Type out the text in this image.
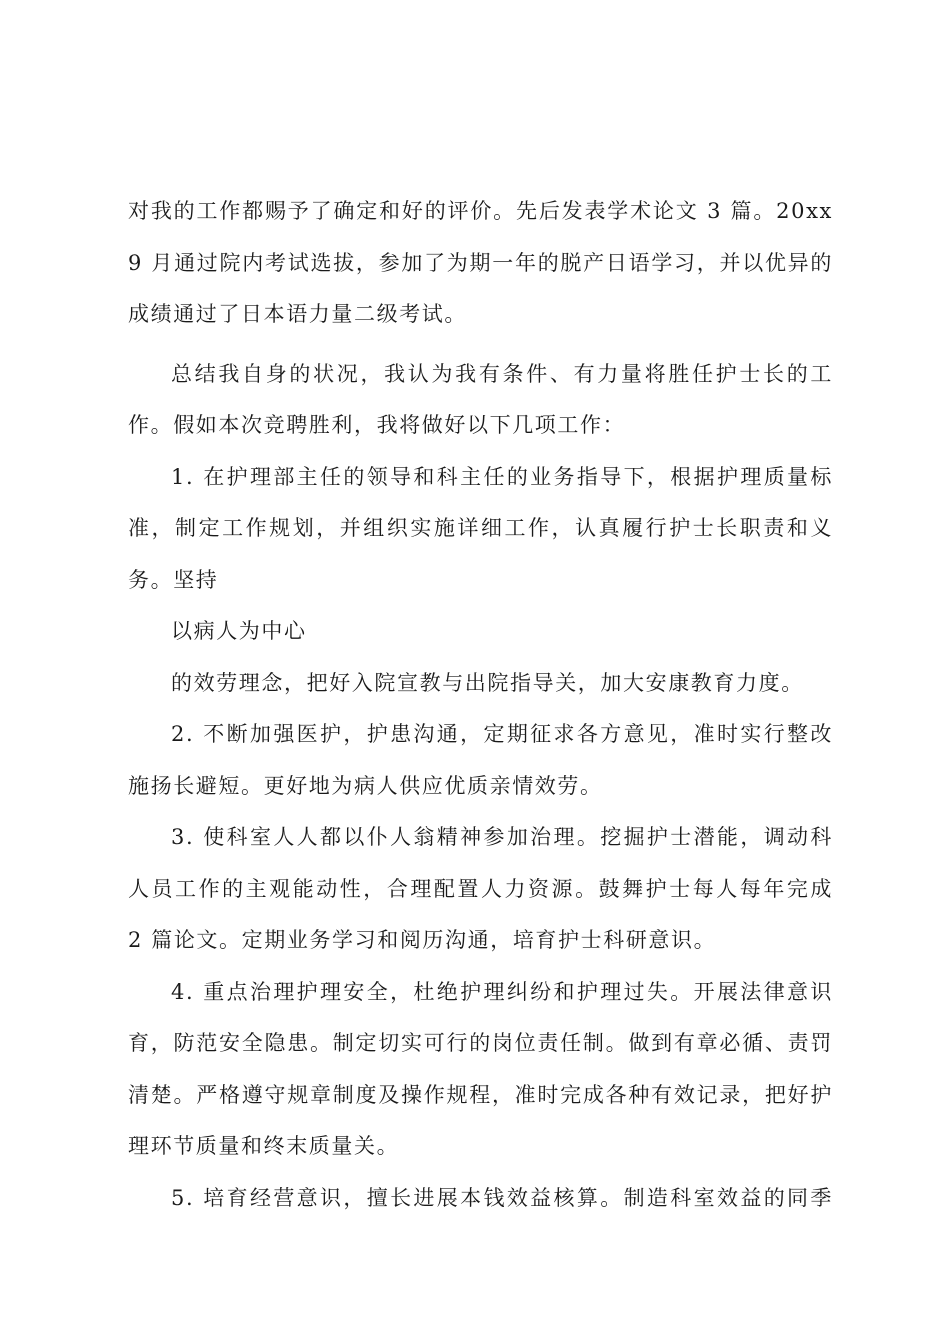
对我的工作都赐予了确定和好的评价。先后发表学术论文 3 篇。20xx
9 月通过院内考试选拔，参加了为期一年的脱产日语学习，并以优异的
成绩通过了日本语力量二级考试。
总结我自身的状况，我认为我有条件、有力量将胜任护士长的工
作。假如本次竞聘胜利，我将做好以下几项工作：
1. 在护理部主任的领导和科主任的业务指导下，根据护理质量标
准，制定工作规划，并组织实施详细工作，认真履行护士长职责和义
务。坚持
以病人为中心
的效劳理念，把好入院宣教与出院指导关，加大安康教育力度。
2. 不断加强医护，护患沟通，定期征求各方意见，准时实行整改
施扬长避短。更好地为病人供应优质亲情效劳。
3. 使科室人人都以仆人翁精神参加治理。挖掘护士潜能，调动科
人员工作的主观能动性，合理配置人力资源。鼓舞护士每人每年完成
2 篇论文。定期业务学习和阅历沟通，培育护士科研意识。
4. 重点治理护理安全，杜绝护理纠纷和护理过失。开展法律意识
育，防范安全隐患。制定切实可行的岗位责任制。做到有章必循、责罚
清楚。严格遵守规章制度及操作规程，准时完成各种有效记录，把好护
理环节质量和终末质量关。
5. 培育经营意识，擅长进展本钱效益核算。制造科室效益的同季
